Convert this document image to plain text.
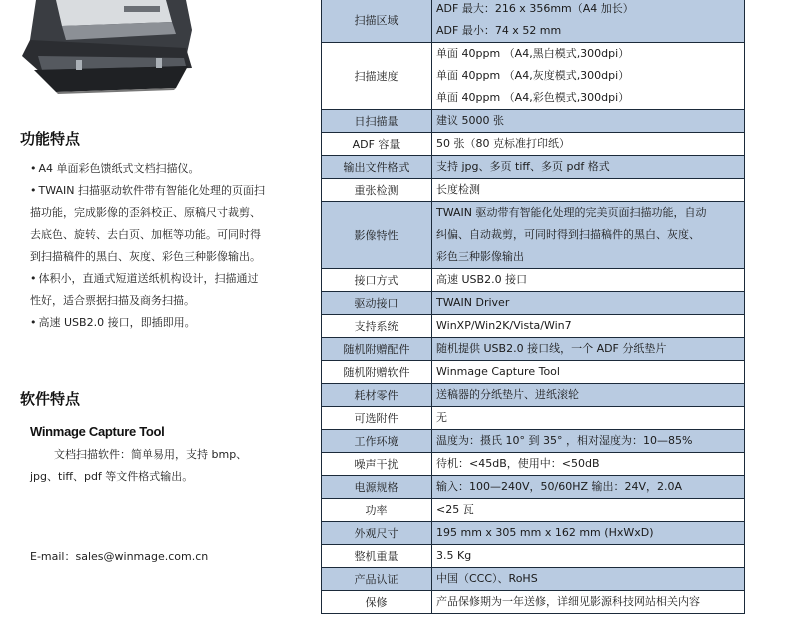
功能特点
• A4 单面彩色馈纸式文档扫描仪。
• TWAIN 扫描驱动软件带有智能化处理的页面扫描功能，完成影像的歪斜校正、原稿尺寸裁剪、去底色、旋转、去白页、加框等功能。可同时得到扫描稿件的黑白、灰度、彩色三种影像输出。
• 体积小，直通式短道送纸机构设计，扫描通过性好，适合票据扫描及商务扫描。
• 高速 USB2.0 接口，即插即用。
软件特点
Winmage Capture Tool
文档扫描软件：简单易用，支持 bmp、jpg、tiff、pdf 等文件格式输出。
E-mail：sales@winmage.com.cn
扫描区域	ADF 最大：216 x 356mm（A4 加长）
ADF 最小：74 x 52 mm

扫描速度	单面 40ppm （A4,黑白模式,300dpi）
单面 40ppm （A4,灰度模式,300dpi）
单面 40ppm （A4,彩色模式,300dpi）

日扫描量	建议 5000 张

ADF 容量	50 张（80 克标准打印纸）

输出文件格式	支持 jpg、多页 tiff、多页 pdf 格式

重张检测	长度检测

影像特性	TWAIN 驱动带有智能化处理的完美页面扫描功能，自动
纠偏、自动裁剪，可同时得到扫描稿件的黑白、灰度、
彩色三种影像输出

接口方式	高速 USB2.0 接口

驱动接口	TWAIN Driver

支持系统	WinXP/Win2K/Vista/Win7

随机附赠配件	随机提供 USB2.0 接口线，一个 ADF 分纸垫片

随机附赠软件	Winmage Capture Tool

耗材零件	送稿器的分纸垫片、进纸滚轮

可选附件	无

工作环境	温度为：摄氏 10° 到 35° ，相对湿度为：10—85%

噪声干扰	待机：<45dB，使用中：<50dB

电源规格	输入：100—240V，50/60HZ 输出：24V，2.0A

功率	<25 瓦

外观尺寸	195 mm x 305 mm x 162 mm (HxWxD)

整机重量	3.5 Kg

产品认证	中国（CCC）、RoHS

保修	产品保修期为一年送修，详细见影源科技网站相关内容
